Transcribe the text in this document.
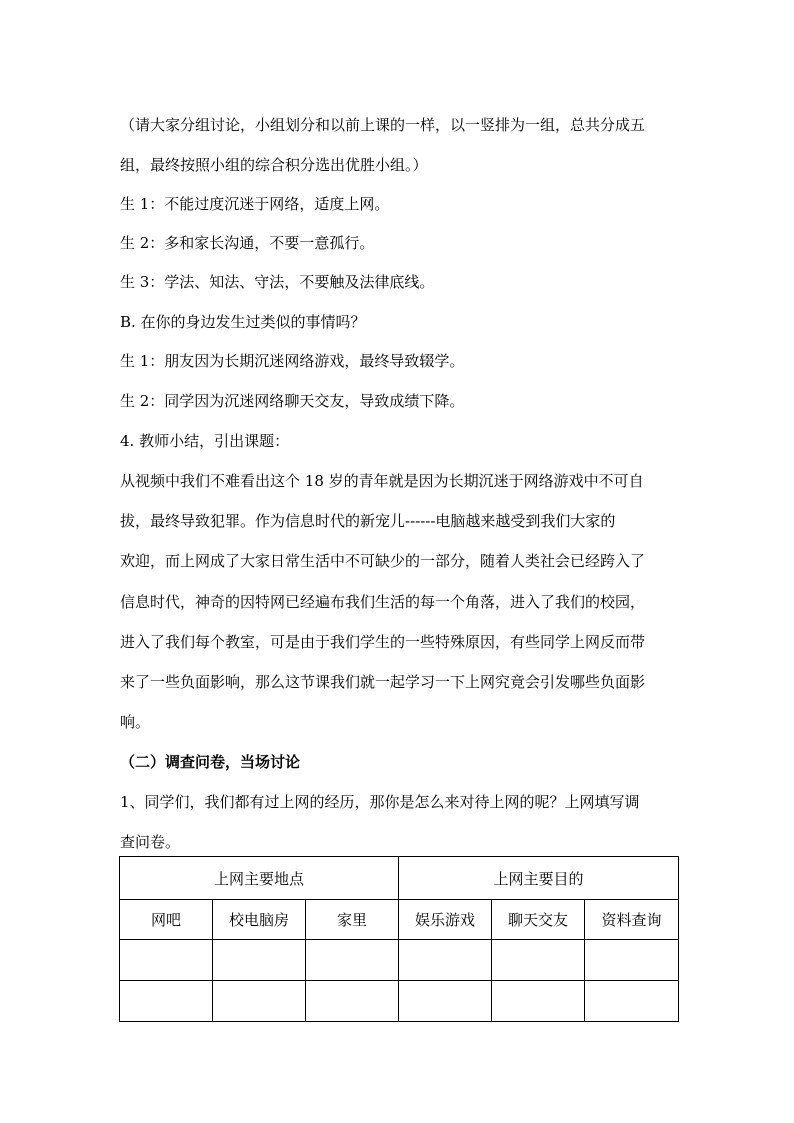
（请大家分组讨论，小组划分和以前上课的一样，以一竖排为一组，总共分成五
组，最终按照小组的综合积分选出优胜小组。）
生 1：不能过度沉迷于网络，适度上网。
生 2：多和家长沟通，不要一意孤行。
生 3：学法、知法、守法，不要触及法律底线。
B. 在你的身边发生过类似的事情吗？
生 1：朋友因为长期沉迷网络游戏，最终导致辍学。
生 2：同学因为沉迷网络聊天交友，导致成绩下降。
4. 教师小结，引出课题：
从视频中我们不难看出这个 18 岁的青年就是因为长期沉迷于网络游戏中不可自
拔，最终导致犯罪。作为信息时代的新宠儿------电脑越来越受到我们大家的
欢迎，而上网成了大家日常生活中不可缺少的一部分，随着人类社会已经跨入了
信息时代，神奇的因特网已经遍布我们生活的每一个角落，进入了我们的校园，
进入了我们每个教室，可是由于我们学生的一些特殊原因，有些同学上网反而带
来了一些负面影响，那么这节课我们就一起学习一下上网究竟会引发哪些负面影
响。
（二）调查问卷，当场讨论
1、同学们，我们都有过上网的经历，那你是怎么来对待上网的呢？上网填写调
查问卷。
上网主要地点			上网主要目的		
网吧	校电脑房	家里	娱乐游戏	聊天交友	资料查询
